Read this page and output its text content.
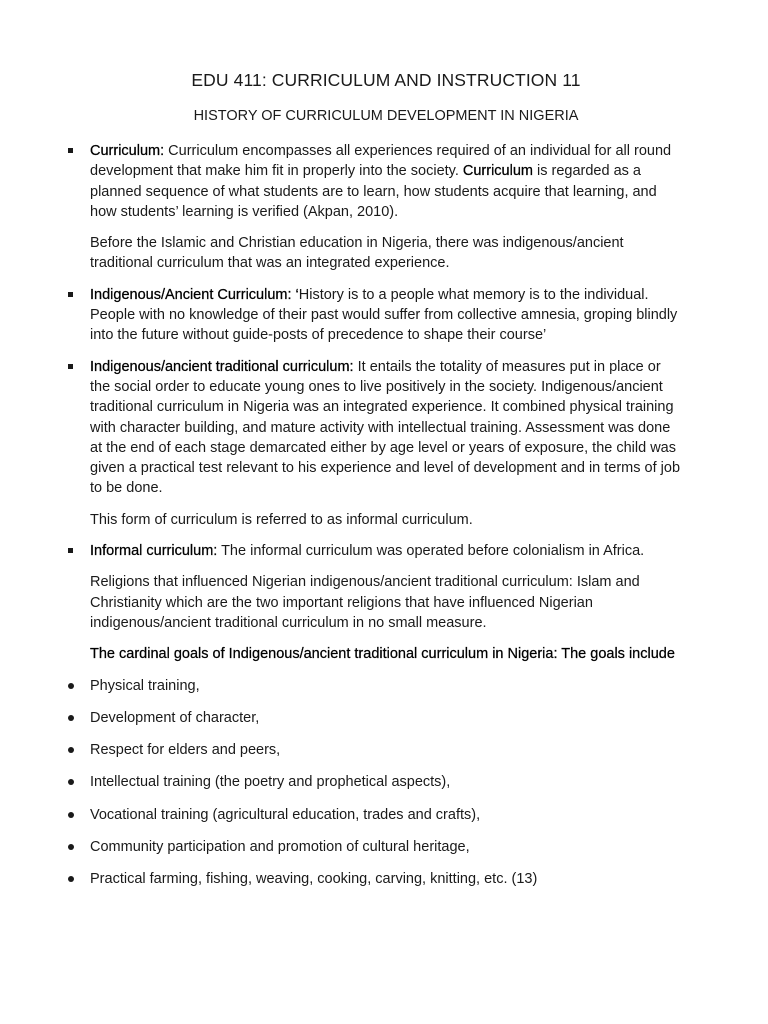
EDU 411: CURRICULUM AND INSTRUCTION 11
HISTORY OF CURRICULUM DEVELOPMENT IN NIGERIA
Curriculum: Curriculum encompasses all experiences required of an individual for all round development that make him fit in properly into the society. Curriculum is regarded as a planned sequence of what students are to learn, how students acquire that learning, and how students’ learning is verified (Akpan, 2010).
Before the Islamic and Christian education in Nigeria, there was indigenous/ancient traditional curriculum that was an integrated experience.
Indigenous/Ancient Curriculum: ‘History is to a people what memory is to the individual. People with no knowledge of their past would suffer from collective amnesia, groping blindly into the future without guide-posts of precedence to shape their course’
Indigenous/ancient traditional curriculum: It entails the totality of measures put in place or the social order to educate young ones to live positively in the society. Indigenous/ancient traditional curriculum in Nigeria was an integrated experience. It combined physical training with character building, and mature activity with intellectual training. Assessment was done at the end of each stage demarcated either by age level or years of exposure, the child was given a practical test relevant to his experience and level of development and in terms of job to be done.
This form of curriculum is referred to as informal curriculum.
Informal curriculum: The informal curriculum was operated before colonialism in Africa.
Religions that influenced Nigerian indigenous/ancient traditional curriculum: Islam and Christianity which are the two important religions that have influenced Nigerian indigenous/ancient traditional curriculum in no small measure.
The cardinal goals of Indigenous/ancient traditional curriculum in Nigeria: The goals include
Physical training,
Development of character,
Respect for elders and peers,
Intellectual training (the poetry and prophetical aspects),
Vocational training (agricultural education, trades and crafts),
Community participation and promotion of cultural heritage,
Practical farming, fishing, weaving, cooking, carving, knitting, etc. (13)
